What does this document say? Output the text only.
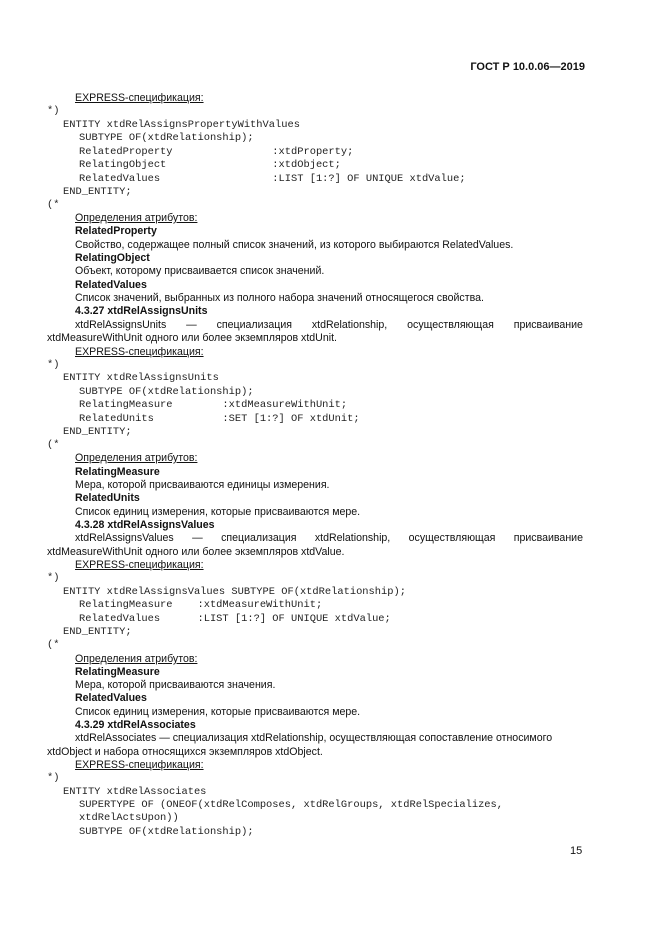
ГОСТ Р 10.0.06—2019
EXPRESS-спецификация:
*)
ENTITY xtdRelAssignsPropertyWithValues
SUBTYPE OF(xtdRelationship);
RelatedProperty                :xtdProperty;
RelatingObject                 :xtdObject;
RelatedValues                  :LIST [1:?] OF UNIQUE xtdValue;
END_ENTITY;
(*
Определения атрибутов:
RelatedProperty
Свойство, содержащее полный список значений, из которого выбираются RelatedValues.
RelatingObject
Объект, которому присваивается список значений.
RelatedValues
Список значений, выбранных из полного набора значений относящегося свойства.
4.3.27 xtdRelAssignsUnits
xtdRelAssignsUnits — специализация xtdRelationship, осуществляющая присваивание
xtdMeasureWithUnit одного или более экземпляров xtdUnit.
EXPRESS-спецификация:
*)
ENTITY xtdRelAssignsUnits
SUBTYPE OF(xtdRelationship);
RelatingMeasure        :xtdMeasureWithUnit;
RelatedUnits           :SET [1:?] OF xtdUnit;
END_ENTITY;
(*
Определения атрибутов:
RelatingMeasure
Мера, которой присваиваются единицы измерения.
RelatedUnits
Список единиц измерения, которые присваиваются мере.
4.3.28 xtdRelAssignsValues
xtdRelAssignsValues — специализация xtdRelationship, осуществляющая присваивание
xtdMeasureWithUnit одного или более экземпляров xtdValue.
EXPRESS-спецификация:
*)
ENTITY xtdRelAssignsValues SUBTYPE OF(xtdRelationship);
RelatingMeasure    :xtdMeasureWithUnit;
RelatedValues      :LIST [1:?] OF UNIQUE xtdValue;
END_ENTITY;
(*
Определения атрибутов:
RelatingMeasure
Мера, которой присваиваются значения.
RelatedValues
Список единиц измерения, которые присваиваются мере.
4.3.29 xtdRelAssociates
xtdRelAssociates — специализация xtdRelationship, осуществляющая сопоставление относимого
xtdObject и набора относящихся экземпляров xtdObject.
EXPRESS-спецификация:
*)
ENTITY xtdRelAssociates
SUPERTYPE OF (ONEOF(xtdRelComposes, xtdRelGroups, xtdRelSpecializes,
xtdRelActsUpon))
SUBTYPE OF(xtdRelationship);
15
